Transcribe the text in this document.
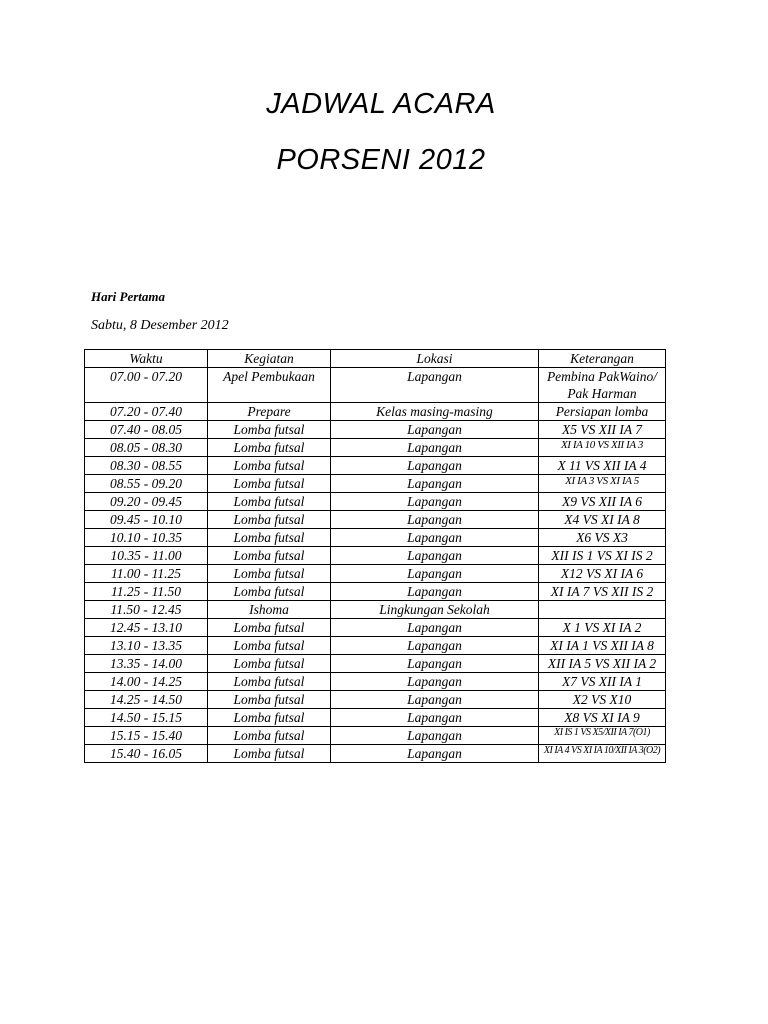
JADWAL ACARA
PORSENI 2012
Hari Pertama
Sabtu, 8 Desember 2012
Waktu	Kegiatan	Lokasi	Keterangan
07.00 - 07.20	Apel Pembukaan	Lapangan	Pembina PakWaino/ Pak Harman
07.20 - 07.40	Prepare	Kelas masing-masing	Persiapan lomba
07.40 - 08.05	Lomba futsal	Lapangan	X5 VS XII IA 7
08.05 - 08.30	Lomba futsal	Lapangan	XI IA 10 VS XII IA 3
08.30 - 08.55	Lomba futsal	Lapangan	X 11 VS XII IA 4
08.55 - 09.20	Lomba futsal	Lapangan	XI IA 3 VS XI IA 5
09.20 - 09.45	Lomba futsal	Lapangan	X9 VS XII IA 6
09.45 - 10.10	Lomba futsal	Lapangan	X4 VS XI IA 8
10.10 - 10.35	Lomba futsal	Lapangan	X6 VS X3
10.35 - 11.00	Lomba futsal	Lapangan	XII IS 1 VS XI IS 2
11.00 - 11.25	Lomba futsal	Lapangan	X12 VS XI IA 6
11.25 - 11.50	Lomba futsal	Lapangan	XI IA 7 VS XII IS 2
11.50 - 12.45	Ishoma	Lingkungan Sekolah	
12.45 - 13.10	Lomba futsal	Lapangan	X 1 VS XI IA 2
13.10 - 13.35	Lomba futsal	Lapangan	XI IA 1 VS XII IA 8
13.35 - 14.00	Lomba futsal	Lapangan	XII IA 5 VS XII IA 2
14.00 - 14.25	Lomba futsal	Lapangan	X7 VS XII IA 1
14.25 - 14.50	Lomba futsal	Lapangan	X2 VS X10
14.50 - 15.15	Lomba futsal	Lapangan	X8 VS XI IA 9
15.15 - 15.40	Lomba futsal	Lapangan	XI IS 1 VS X5/XII IA 7(O1)
15.40 - 16.05	Lomba futsal	Lapangan	XI IA 4 VS XI IA 10/XII IA 3(O2)
